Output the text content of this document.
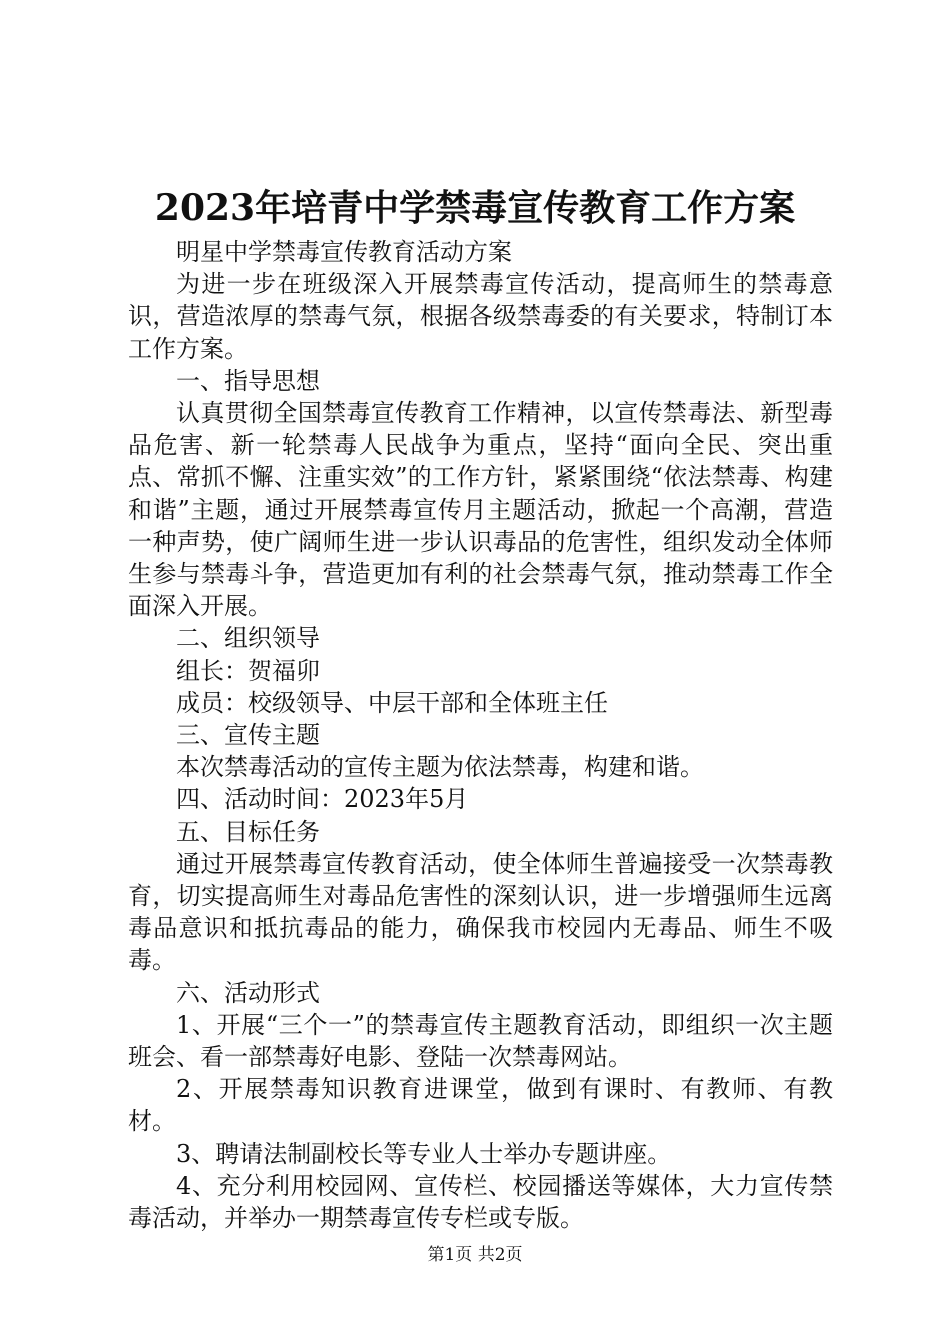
2023年培青中学禁毒宣传教育工作方案

明星中学禁毒宣传教育活动方案

为进一步在班级深入开展禁毒宣传活动，提高师生的禁毒意识，营造浓厚的禁毒气氛，根据各级禁毒委的有关要求，特制订本工作方案。

一、指导思想

认真贯彻全国禁毒宣传教育工作精神，以宣传禁毒法、新型毒品危害、新一轮禁毒人民战争为重点，坚持“面向全民、突出重点、常抓不懈、注重实效”的工作方针，紧紧围绕“依法禁毒、构建和谐”主题，通过开展禁毒宣传月主题活动，掀起一个高潮，营造一种声势，使广阔师生进一步认识毒品的危害性，组织发动全体师生参与禁毒斗争，营造更加有利的社会禁毒气氛，推动禁毒工作全面深入开展。

二、组织领导

组长：贺福卯

成员：校级领导、中层干部和全体班主任

三、宣传主题

本次禁毒活动的宣传主题为依法禁毒，构建和谐。

四、活动时间：2023年5月

五、目标任务

通过开展禁毒宣传教育活动，使全体师生普遍接受一次禁毒教育，切实提高师生对毒品危害性的深刻认识，进一步增强师生远离毒品意识和抵抗毒品的能力，确保我市校园内无毒品、师生不吸毒。

六、活动形式

1、开展“三个一”的禁毒宣传主题教育活动，即组织一次主题班会、看一部禁毒好电影、登陆一次禁毒网站。

2、开展禁毒知识教育进课堂，做到有课时、有教师、有教材。

3、聘请法制副校长等专业人士举办专题讲座。

4、充分利用校园网、宣传栏、校园播送等媒体，大力宣传禁毒活动，并举办一期禁毒宣传专栏或专版。

第1页 共2页
